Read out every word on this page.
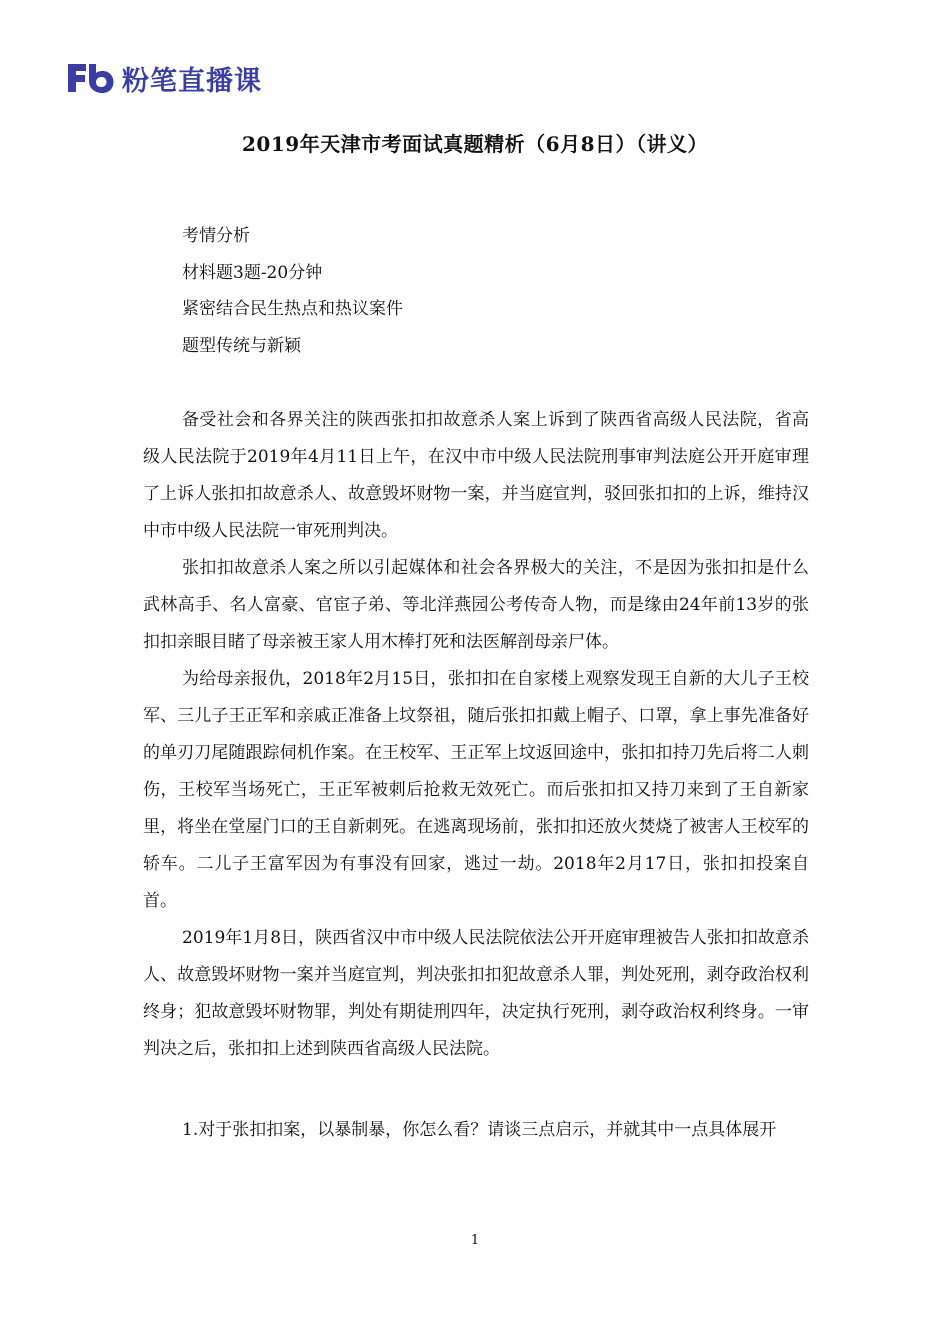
粉笔直播课
2019年天津市考面试真题精析（6月8日）（讲义）
考情分析
材料题3题-20分钟
紧密结合民生热点和热议案件
题型传统与新颖

备受社会和各界关注的陕西张扣扣故意杀人案上诉到了陕西省高级人民法院，省高级人民法院于2019年4月11日上午，在汉中市中级人民法院刑事审判法庭公开开庭审理了上诉人张扣扣故意杀人、故意毁坏财物一案，并当庭宣判，驳回张扣扣的上诉，维持汉中市中级人民法院一审死刑判决。

张扣扣故意杀人案之所以引起媒体和社会各界极大的关注，不是因为张扣扣是什么武林高手、名人富豪、官宦子弟、等北洋燕园公考传奇人物，而是缘由24年前13岁的张扣扣亲眼目睹了母亲被王家人用木棒打死和法医解剖母亲尸体。

为给母亲报仇，2018年2月15日，张扣扣在自家楼上观察发现王自新的大儿子王校军、三儿子王正军和亲戚正准备上坟祭祖，随后张扣扣戴上帽子、口罩，拿上事先准备好的单刃刀尾随跟踪伺机作案。在王校军、王正军上坟返回途中，张扣扣持刀先后将二人刺伤，王校军当场死亡，王正军被刺后抢救无效死亡。而后张扣扣又持刀来到了王自新家里，将坐在堂屋门口的王自新刺死。在逃离现场前，张扣扣还放火焚烧了被害人王校军的轿车。二儿子王富军因为有事没有回家，逃过一劫。2018年2月17日，张扣扣投案自首。

2019年1月8日，陕西省汉中市中级人民法院依法公开开庭审理被告人张扣扣故意杀人、故意毁坏财物一案并当庭宣判，判决张扣扣犯故意杀人罪，判处死刑，剥夺政治权利终身；犯故意毁坏财物罪，判处有期徒刑四年，决定执行死刑，剥夺政治权利终身。一审判决之后，张扣扣上述到陕西省高级人民法院。

1.对于张扣扣案，以暴制暴，你怎么看？请谈三点启示，并就其中一点具体展开

1
